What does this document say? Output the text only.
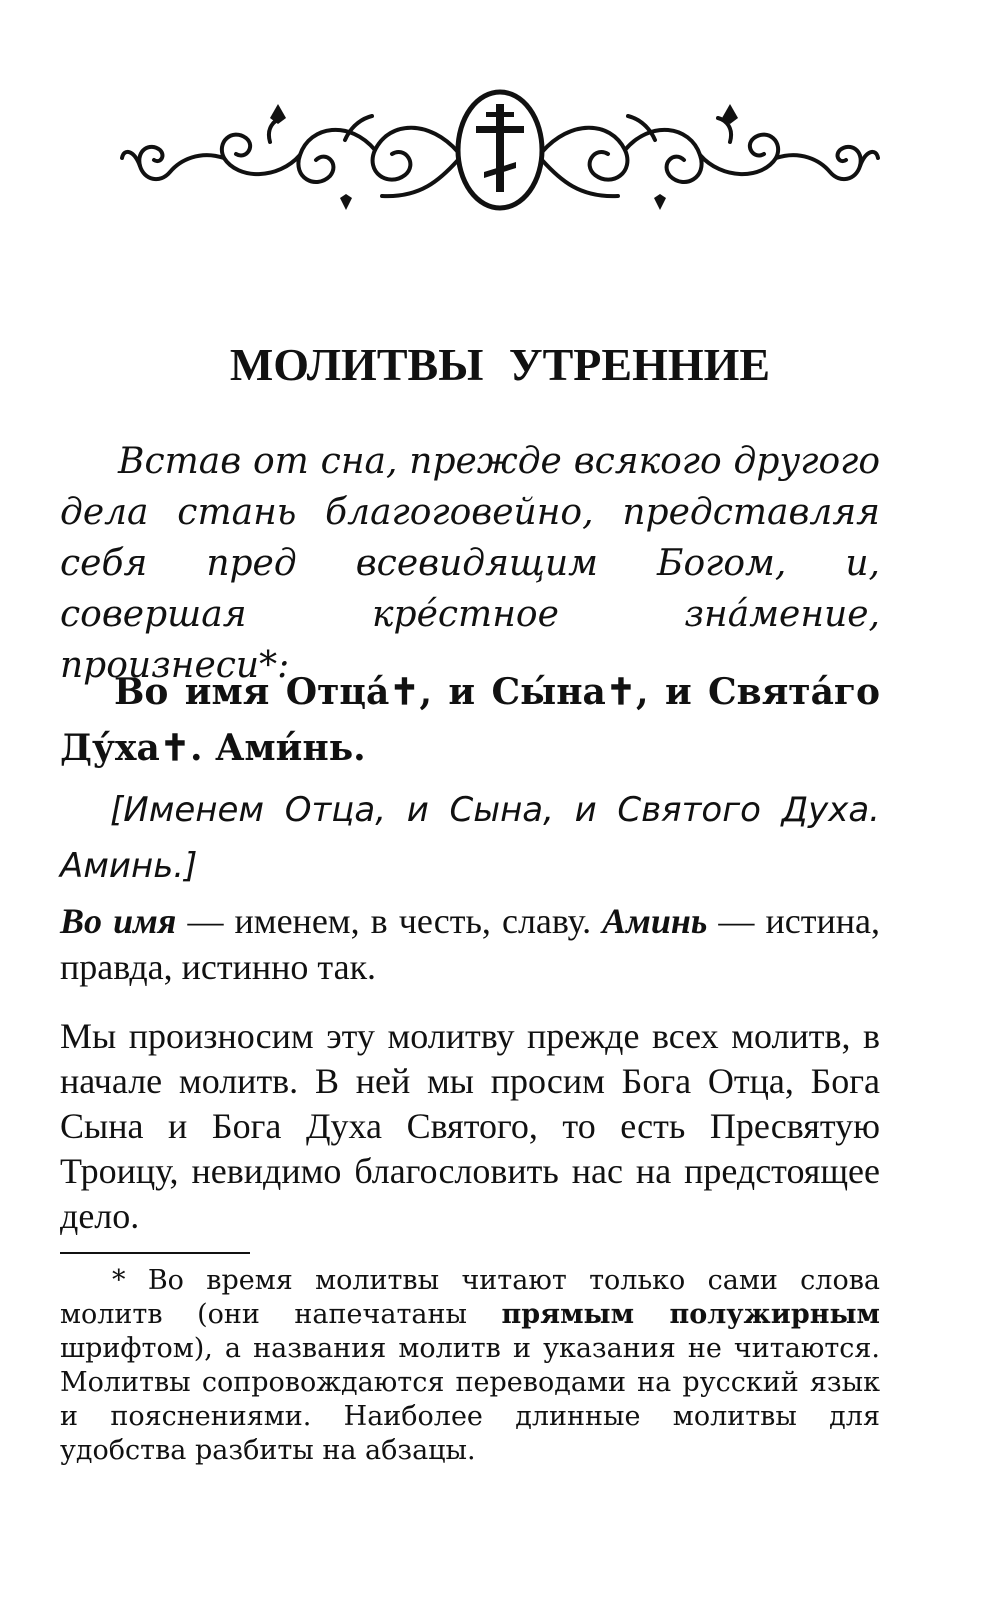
МОЛИТВЫ УТРЕННИЕ
Встав от сна, прежде всякого другого дела стань благоговейно, представляя себя пред всевидящим Богом, и, совершая крéстное знáмение, произнеси*:
Во имя Отцá✝, и Сы́на✝, и Святáго Ду́ха✝. Ами́нь.
[Именем Отца, и Сына, и Святого Духа. Аминь.]
Во имя — именем, в честь, славу. Аминь — истина, правда, истинно так.
Мы произносим эту молитву прежде всех молитв, в начале молитв. В ней мы просим Бога Отца, Бога Сына и Бога Духа Святого, то есть Пресвятую Троицу, невидимо благословить нас на предстоящее дело.
* Во время молитвы читают только сами слова молитв (они напечатаны прямым полужирным шрифтом), а названия молитв и указания не читаются. Молитвы сопровождаются переводами на русский язык и пояснениями. Наиболее длинные молитвы для удобства разбиты на абзацы.
